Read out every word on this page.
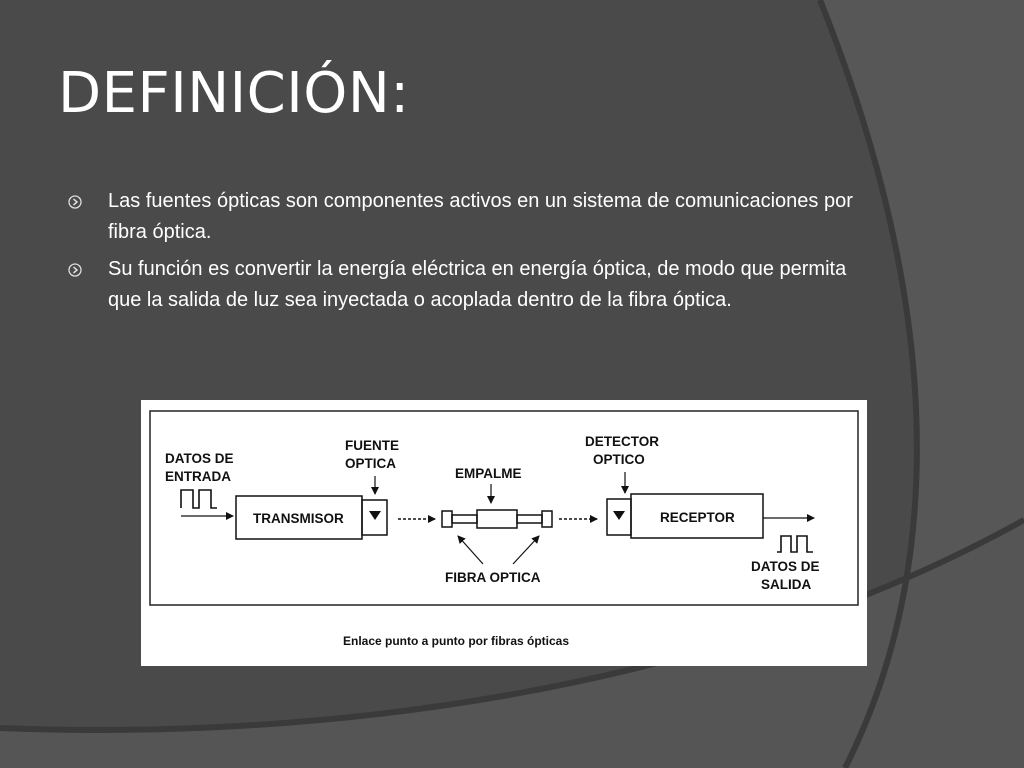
DEFINICIÓN:
Las fuentes ópticas son componentes activos en un sistema de comunicaciones por fibra óptica.
Su función es convertir la energía eléctrica en energía óptica, de modo que permita que la salida de luz sea inyectada o acoplada dentro de la fibra óptica.
DATOS DE
ENTRADA
TRANSMISOR
FUENTE
OPTICA
EMPALME
FIBRA OPTICA
DETECTOR
OPTICO
RECEPTOR
DATOS DE
SALIDA
Enlace punto a punto por fibras ópticas
